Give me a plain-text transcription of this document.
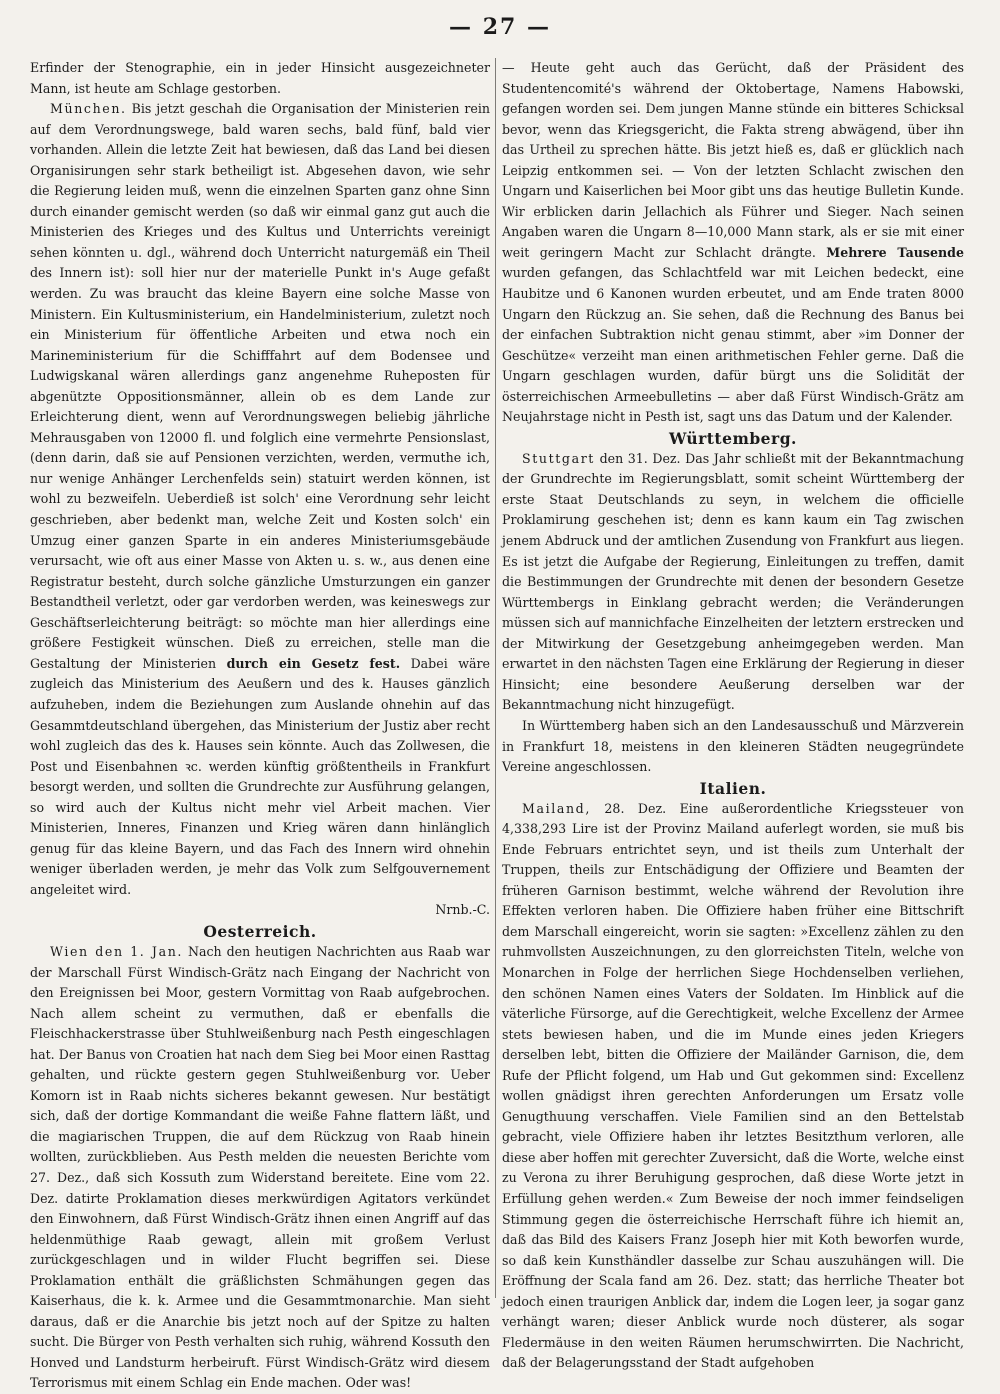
— 27 —

Erfinder der Stenographie, ein in jeder Hinsicht ausgezeichneter Mann, ist heute am Schlage gestorben.

München. Bis jetzt geschah die Organisation der Ministerien rein auf dem Verordnungswege, bald waren sechs, bald fünf, bald vier vorhanden. Allein die letzte Zeit hat bewiesen, daß das Land bei diesen Organisirungen sehr stark betheiligt ist. Abgesehen davon, wie sehr die Regierung leiden muß, wenn die einzelnen Sparten ganz ohne Sinn durch einander gemischt werden (so daß wir einmal ganz gut auch die Ministerien des Krieges und des Kultus und Unterrichts vereinigt sehen könnten u. dgl., während doch Unterricht naturgemäß ein Theil des Innern ist): soll hier nur der materielle Punkt in's Auge gefaßt werden. Zu was braucht das kleine Bayern eine solche Masse von Ministern. Ein Kultusministerium, ein Handelministerium, zuletzt noch ein Ministerium für öffentliche Arbeiten und etwa noch ein Marineministerium für die Schifffahrt auf dem Bodensee und Ludwigskanal wären allerdings ganz angenehme Ruheposten für abgenützte Oppositionsmänner, allein ob es dem Lande zur Erleichterung dient, wenn auf Verordnungswegen beliebig jährliche Mehrausgaben von 12000 fl. und folglich eine vermehrte Pensionslast, (denn darin, daß sie auf Pensionen verzichten, werden, vermuthe ich, nur wenige Anhänger Lerchenfelds sein) statuirt werden können, ist wohl zu bezweifeln. Ueberdieß ist solch' eine Verordnung sehr leicht geschrieben, aber bedenkt man, welche Zeit und Kosten solch' ein Umzug einer ganzen Sparte in ein anderes Ministeriumsgebäude verursacht, wie oft aus einer Masse von Akten u. s. w., aus denen eine Registratur besteht, durch solche gänzliche Umsturzungen ein ganzer Bestandtheil verletzt, oder gar verdorben werden, was keineswegs zur Geschäftserleichterung beiträgt: so möchte man hier allerdings eine größere Festigkeit wünschen. Dieß zu erreichen, stelle man die Gestaltung der Ministerien durch ein Gesetz fest. Dabei wäre zugleich das Ministerium des Aeußern und des k. Hauses gänzlich aufzuheben, indem die Beziehungen zum Auslande ohnehin auf das Gesammtdeutschland übergehen, das Ministerium der Justiz aber recht wohl zugleich das des k. Hauses sein könnte. Auch das Zollwesen, die Post und Eisenbahnen ꝛc. werden künftig größtentheils in Frankfurt besorgt werden, und sollten die Grundrechte zur Ausführung gelangen, so wird auch der Kultus nicht mehr viel Arbeit machen. Vier Ministerien, Inneres, Finanzen und Krieg wären dann hinlänglich genug für das kleine Bayern, und das Fach des Innern wird ohnehin weniger überladen werden, je mehr das Volk zum Selfgouvernement angeleitet wird.
Nrnb.-C.

Oesterreich.

Wien den 1. Jan. Nach den heutigen Nachrichten aus Raab war der Marschall Fürst Windisch-Grätz nach Eingang der Nachricht von den Ereignissen bei Moor, gestern Vormittag von Raab aufgebrochen. Nach allem scheint zu vermuthen, daß er ebenfalls die Fleischhackerstrasse über Stuhlweißenburg nach Pesth eingeschlagen hat. Der Banus von Croatien hat nach dem Sieg bei Moor einen Rasttag gehalten, und rückte gestern gegen Stuhlweißenburg vor. Ueber Komorn ist in Raab nichts sicheres bekannt gewesen. Nur bestätigt sich, daß der dortige Kommandant die weiße Fahne flattern läßt, und die magiarischen Truppen, die auf dem Rückzug von Raab hinein wollten, zurückblieben. Aus Pesth melden die neuesten Berichte vom 27. Dez., daß sich Kossuth zum Widerstand bereitete. Eine vom 22. Dez. datirte Proklamation dieses merkwürdigen Agitators verkündet den Einwohnern, daß Fürst Windisch-Grätz ihnen einen Angriff auf das heldenmüthige Raab gewagt, allein mit großem Verlust zurückgeschlagen und in wilder Flucht begriffen sei. Diese Proklamation enthält die gräßlichsten Schmähungen gegen das Kaiserhaus, die k. k. Armee und die Gesammtmonarchie. Man sieht daraus, daß er die Anarchie bis jetzt noch auf der Spitze zu halten sucht. Die Bürger von Pesth verhalten sich ruhig, während Kossuth den Honved und Landsturm herbeiruft. Fürst Windisch-Grätz wird diesem Terrorismus mit einem Schlag ein Ende machen. Oder was!

— Heute geht auch das Gerücht, daß der Präsident des Studentencomité's während der Oktobertage, Namens Habowski, gefangen worden sei. Dem jungen Manne stünde ein bitteres Schicksal bevor, wenn das Kriegsgericht, die Fakta streng abwägend, über ihn das Urtheil zu sprechen hätte. Bis jetzt hieß es, daß er glücklich nach Leipzig entkommen sei. — Von der letzten Schlacht zwischen den Ungarn und Kaiserlichen bei Moor gibt uns das heutige Bulletin Kunde. Wir erblicken darin Jellachich als Führer und Sieger. Nach seinen Angaben waren die Ungarn 8—10,000 Mann stark, als er sie mit einer weit geringern Macht zur Schlacht drängte. Mehrere Tausende wurden gefangen, das Schlachtfeld war mit Leichen bedeckt, eine Haubitze und 6 Kanonen wurden erbeutet, und am Ende traten 8000 Ungarn den Rückzug an. Sie sehen, daß die Rechnung des Banus bei der einfachen Subtraktion nicht genau stimmt, aber »im Donner der Geschütze« verzeiht man einen arithmetischen Fehler gerne. Daß die Ungarn geschlagen wurden, dafür bürgt uns die Solidität der österreichischen Armeebulletins — aber daß Fürst Windisch-Grätz am Neujahrstage nicht in Pesth ist, sagt uns das Datum und der Kalender.

Württemberg.

Stuttgart den 31. Dez. Das Jahr schließt mit der Bekanntmachung der Grundrechte im Regierungsblatt, somit scheint Württemberg der erste Staat Deutschlands zu seyn, in welchem die officielle Proklamirung geschehen ist; denn es kann kaum ein Tag zwischen jenem Abdruck und der amtlichen Zusendung von Frankfurt aus liegen. Es ist jetzt die Aufgabe der Regierung, Einleitungen zu treffen, damit die Bestimmungen der Grundrechte mit denen der besondern Gesetze Württembergs in Einklang gebracht werden; die Veränderungen müssen sich auf mannichfache Einzelheiten der letztern erstrecken und der Mitwirkung der Gesetzgebung anheimgegeben werden. Man erwartet in den nächsten Tagen eine Erklärung der Regierung in dieser Hinsicht; eine besondere Aeußerung derselben war der Bekanntmachung nicht hinzugefügt.

In Württemberg haben sich an den Landesausschuß und Märzverein in Frankfurt 18, meistens in den kleineren Städten neugegründete Vereine angeschlossen.

Italien.

Mailand, 28. Dez. Eine außerordentliche Kriegssteuer von 4,338,293 Lire ist der Provinz Mailand auferlegt worden, sie muß bis Ende Februars entrichtet seyn, und ist theils zum Unterhalt der Truppen, theils zur Entschädigung der Offiziere und Beamten der früheren Garnison bestimmt, welche während der Revolution ihre Effekten verloren haben. Die Offiziere haben früher eine Bittschrift dem Marschall eingereicht, worin sie sagten: »Excellenz zählen zu den ruhmvollsten Auszeichnungen, zu den glorreichsten Titeln, welche von Monarchen in Folge der herrlichen Siege Hochdenselben verliehen, den schönen Namen eines Vaters der Soldaten. Im Hinblick auf die väterliche Fürsorge, auf die Gerechtigkeit, welche Excellenz der Armee stets bewiesen haben, und die im Munde eines jeden Kriegers derselben lebt, bitten die Offiziere der Mailänder Garnison, die, dem Rufe der Pflicht folgend, um Hab und Gut gekommen sind: Excellenz wollen gnädigst ihren gerechten Anforderungen um Ersatz volle Genugthuung verschaffen. Viele Familien sind an den Bettelstab gebracht, viele Offiziere haben ihr letztes Besitzthum verloren, alle diese aber hoffen mit gerechter Zuversicht, daß die Worte, welche einst zu Verona zu ihrer Beruhigung gesprochen, daß diese Worte jetzt in Erfüllung gehen werden.« Zum Beweise der noch immer feindseligen Stimmung gegen die österreichische Herrschaft führe ich hiemit an, daß das Bild des Kaisers Franz Joseph hier mit Koth beworfen wurde, so daß kein Kunsthändler dasselbe zur Schau auszuhängen will. Die Eröffnung der Scala fand am 26. Dez. statt; das herrliche Theater bot jedoch einen traurigen Anblick dar, indem die Logen leer, ja sogar ganz verhängt waren; dieser Anblick wurde noch düsterer, als sogar Fledermäuse in den weiten Räumen herumschwirrten. Die Nachricht, daß der Belagerungsstand der Stadt aufgehoben
